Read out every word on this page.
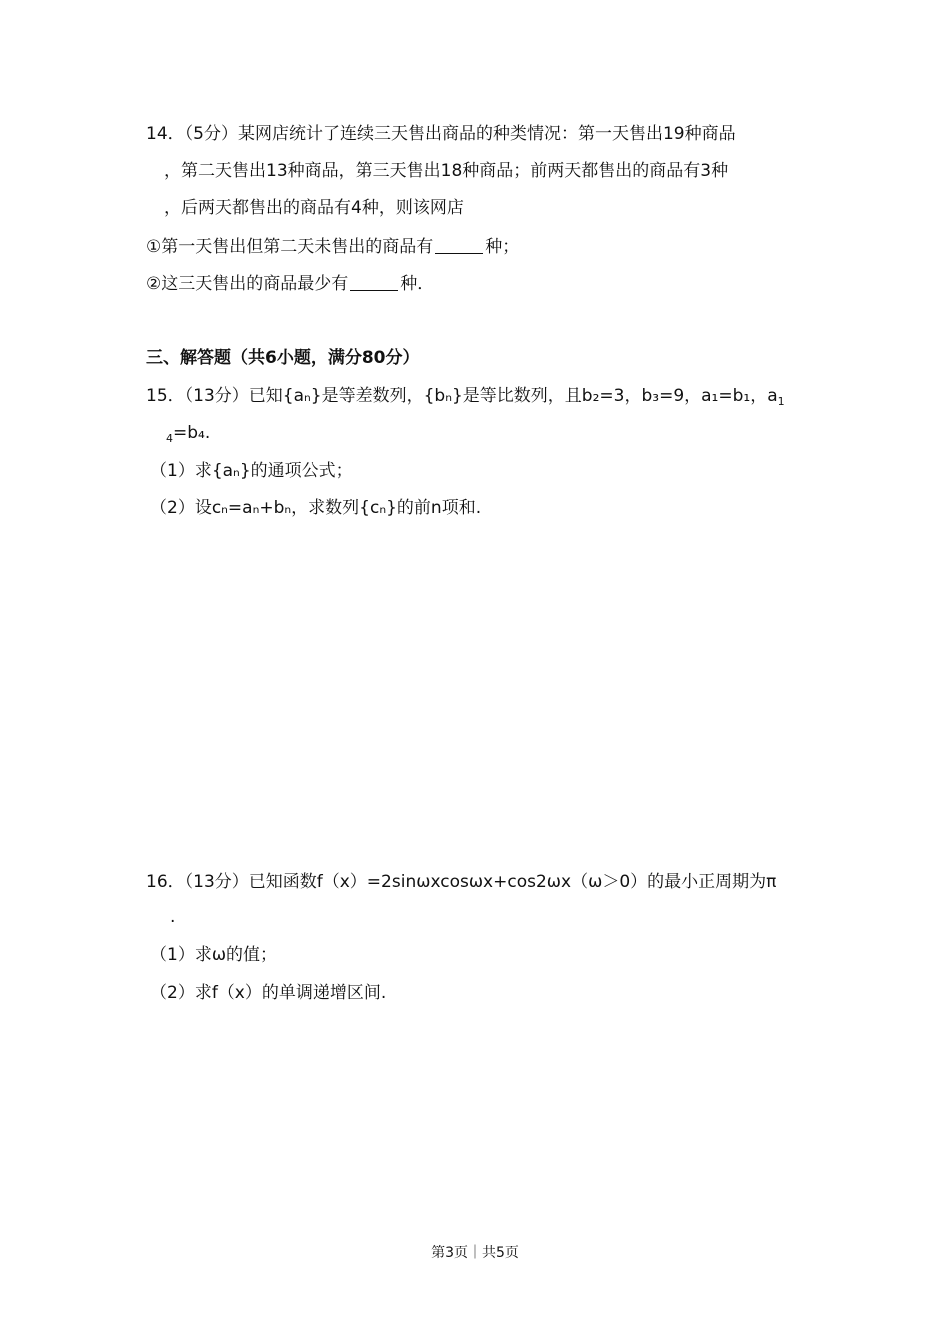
14．（5分）某网店统计了连续三天售出商品的种类情况：第一天售出19种商品
，第二天售出13种商品，第三天售出18种商品；前两天都售出的商品有3种
，后两天都售出的商品有4种，则该网店
①第一天售出但第二天未售出的商品有	种；
②这三天售出的商品最少有	种．
三、解答题（共6小题，满分80分）
15．（13分）已知{aₙ}是等差数列，{bₙ}是等比数列，且b₂=3，b₃=9，a₁=b₁，$a_1$
$_4$=b₄.
（1）求{aₙ}的通项公式；
（2）设cₙ=aₙ+bₙ，求数列{cₙ}的前n项和.
16．（13分）已知函数f（x）=2sinωxcosωx+cos2ωx（ω＞0）的最小正周期为π
.
（1）求ω的值；
（2）求f（x）的单调递增区间.
第3页｜共5页
